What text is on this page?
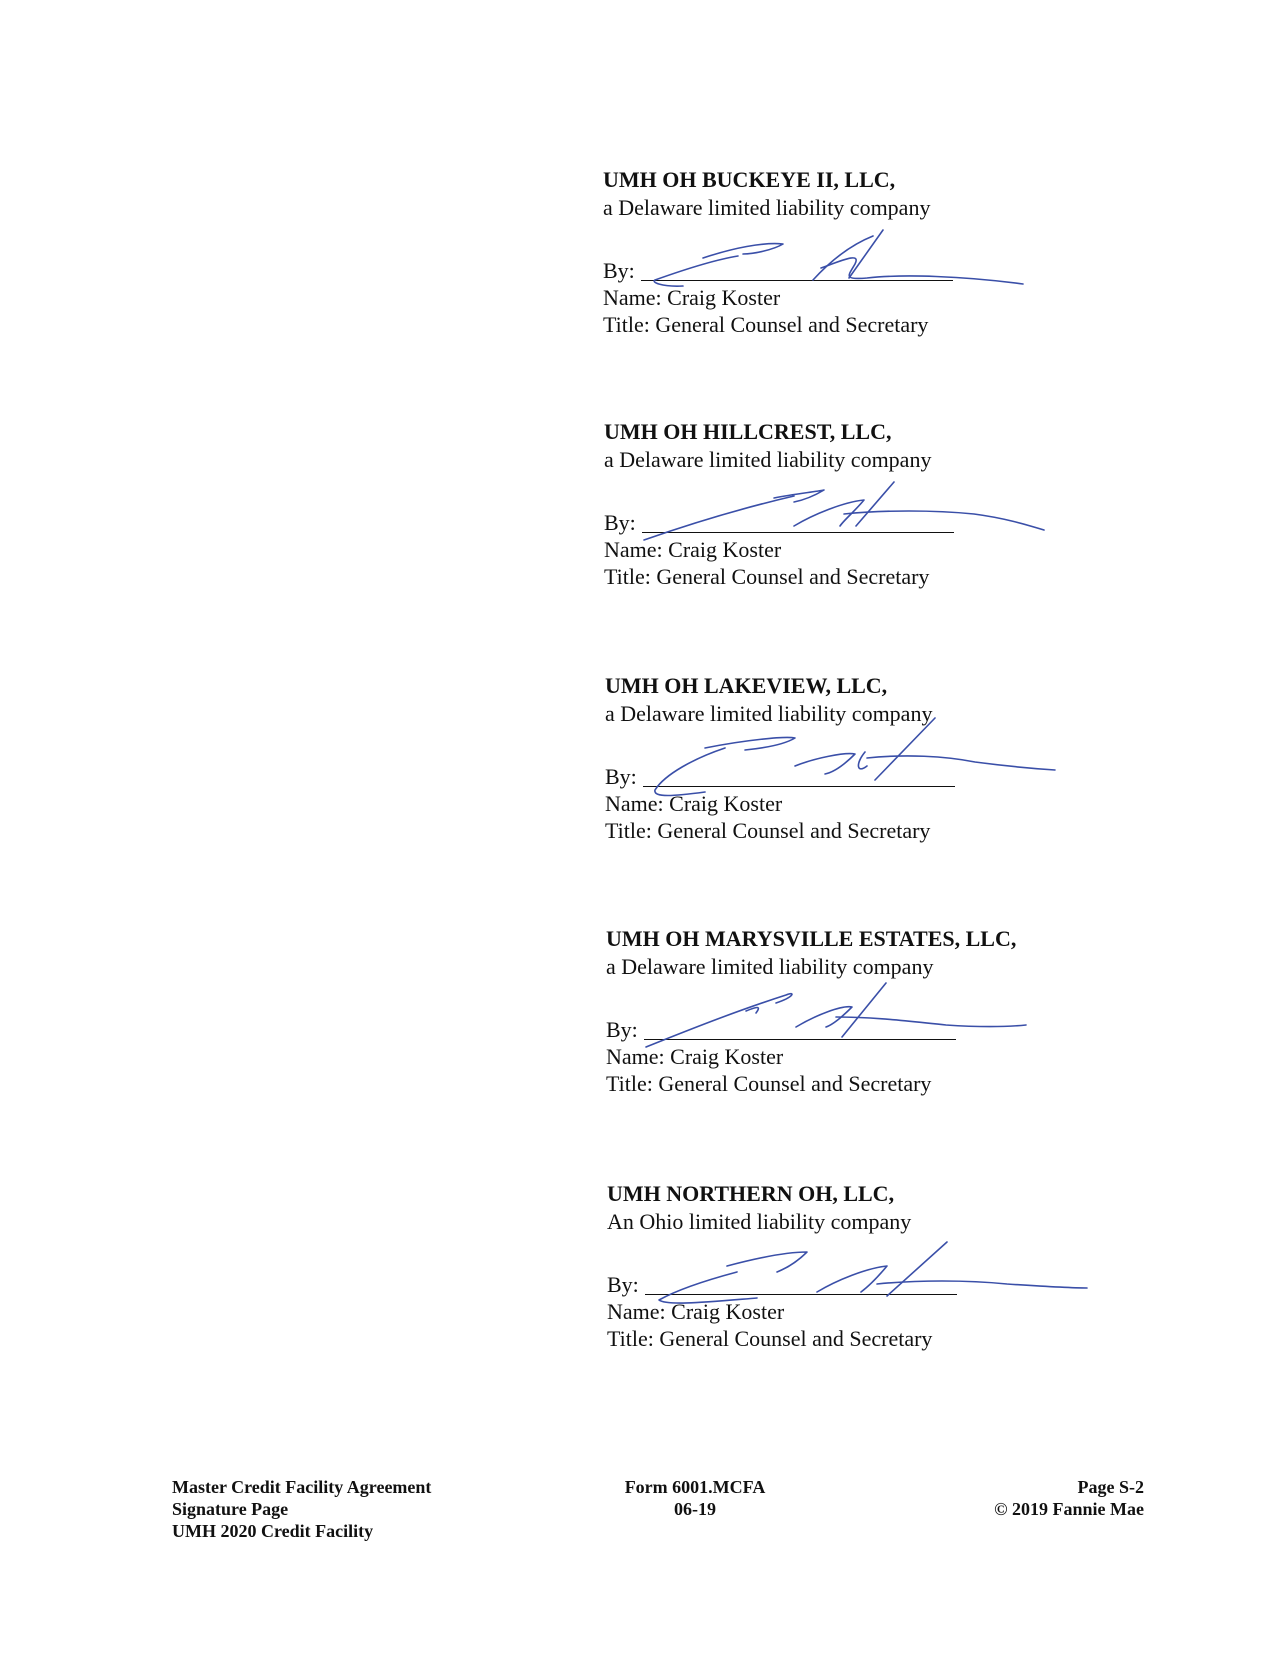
UMH OH BUCKEYE II, LLC,
a Delaware limited liability company
By:
Name: Craig Koster
Title: General Counsel and Secretary
UMH OH HILLCREST, LLC,
a Delaware limited liability company
By:
Name: Craig Koster
Title: General Counsel and Secretary
UMH OH LAKEVIEW, LLC,
a Delaware limited liability company
By:
Name: Craig Koster
Title: General Counsel and Secretary
UMH OH MARYSVILLE ESTATES, LLC,
a Delaware limited liability company
By:
Name: Craig Koster
Title: General Counsel and Secretary
UMH NORTHERN OH, LLC,
An Ohio limited liability company
By:
Name: Craig Koster
Title: General Counsel and Secretary
Master Credit Facility Agreement
Signature Page
UMH 2020 Credit Facility
Form 6001.MCFA
06-19
Page S-2
© 2019 Fannie Mae
